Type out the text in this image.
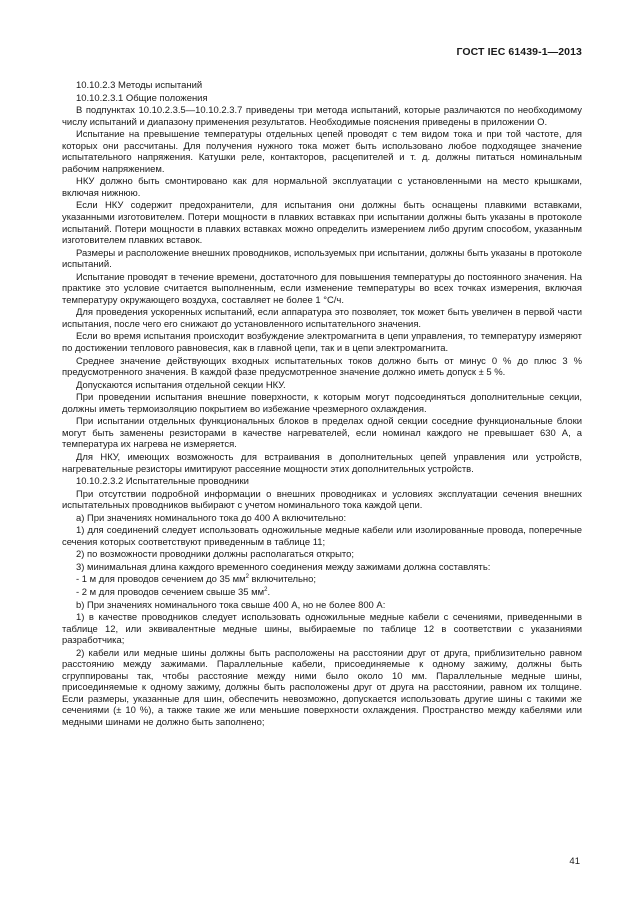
ГОСТ IEC 61439-1—2013

10.10.2.3 Методы испытаний

10.10.2.3.1 Общие положения

В подпунктах 10.10.2.3.5—10.10.2.3.7 приведены три метода испытаний, которые различаются по необходимому числу испытаний и диапазону применения результатов. Необходимые пояснения приведены в приложении О.

Испытание на превышение температуры отдельных цепей проводят с тем видом тока и при той частоте, для которых они рассчитаны. Для получения нужного тока может быть использовано любое подходящее значение испытательного напряжения. Катушки реле, контакторов, расцепителей и т. д. должны питаться номинальным рабочим напряжением.

НКУ должно быть смонтировано как для нормальной эксплуатации с установленными на место крышками, включая нижнюю.

Если НКУ содержит предохранители, для испытания они должны быть оснащены плавкими вставками, указанными изготовителем. Потери мощности в плавких вставках при испытании должны быть указаны в протоколе испытаний. Потери мощности в плавких вставках можно определить измерением либо другим способом, указанным изготовителем плавких вставок.

Размеры и расположение внешних проводников, используемых при испытании, должны быть указаны в протоколе испытаний.

Испытание проводят в течение времени, достаточного для повышения температуры до постоянного значения. На практике это условие считается выполненным, если изменение температуры во всех точках измерения, включая температуру окружающего воздуха, составляет не более 1 °С/ч.

Для проведения ускоренных испытаний, если аппаратура это позволяет, ток может быть увеличен в первой части испытания, после чего его снижают до установленного испытательного значения.

Если во время испытания происходит возбуждение электромагнита в цепи управления, то температуру измеряют по достижении теплового равновесия, как в главной цепи, так и в цепи электромагнита.

Среднее значение действующих входных испытательных токов должно быть от минус 0 % до плюс 3 % предусмотренного значения. В каждой фазе предусмотренное значение должно иметь допуск ± 5 %.

Допускаются испытания отдельной секции НКУ.

При проведении испытания внешние поверхности, к которым могут подсоединяться дополнительные секции, должны иметь термоизоляцию покрытием во избежание чрезмерного охлаждения.

При испытании отдельных функциональных блоков в пределах одной секции соседние функциональные блоки могут быть заменены резисторами в качестве нагревателей, если номинал каждого не превышает 630 А, а температура их нагрева не измеряется.

Для НКУ, имеющих возможность для встраивания в дополнительных цепей управления или устройств, нагревательные резисторы имитируют рассеяние мощности этих дополнительных устройств.

10.10.2.3.2 Испытательные проводники

При отсутствии подробной информации о внешних проводниках и условиях эксплуатации сечения внешних испытательных проводников выбирают с учетом номинального тока каждой цепи.

а) При значениях номинального тока до 400 А включительно:

1) для соединений следует использовать одножильные медные кабели или изолированные провода, поперечные сечения которых соответствуют приведенным в таблице 11;

2) по возможности проводники должны располагаться открыто;

3) минимальная длина каждого временного соединения между зажимами должна составлять:

- 1 м для проводов сечением до 35 $мм^2$ включительно;

- 2 м для проводов сечением свыше 35 $мм^2$.

b) При значениях номинального тока свыше 400 А, но не более 800 А:

1) в качестве проводников следует использовать одножильные медные кабели с сечениями, приведенными в таблице 12, или эквивалентные медные шины, выбираемые по таблице 12 в соответствии с указаниями разработчика;

2) кабели или медные шины должны быть расположены на расстоянии друг от друга, приблизительно равном расстоянию между зажимами. Параллельные кабели, присоединяемые к одному зажиму, должны быть сгруппированы так, чтобы расстояние между ними было около 10 мм. Параллельные медные шины, присоединяемые к одному зажиму, должны быть расположены друг от друга на расстоянии, равном их толщине. Если размеры, указанные для шин, обеспечить невозможно, допускается использовать другие шины с такими же сечениями (± 10 %), а также такие же или меньшие поверхности охлаждения. Пространство между кабелями или медными шинами не должно быть заполнено;

41
